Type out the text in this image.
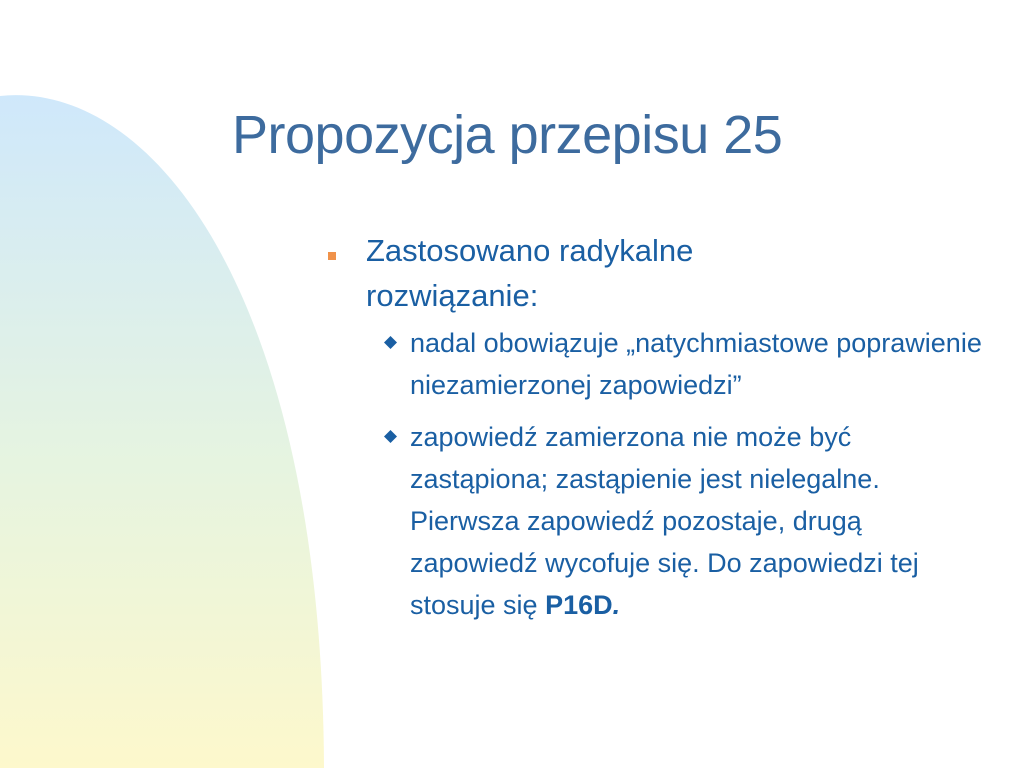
Propozycja przepisu 25
Zastosowano radykalne rozwiązanie:
nadal obowiązuje „natychmiastowe poprawienie niezamierzonej zapowiedzi”
zapowiedź zamierzona nie może być zastąpiona; zastąpienie jest nielegalne. Pierwsza zapowiedź pozostaje, drugą zapowiedź wycofuje się. Do zapowiedzi tej stosuje się P16D.
